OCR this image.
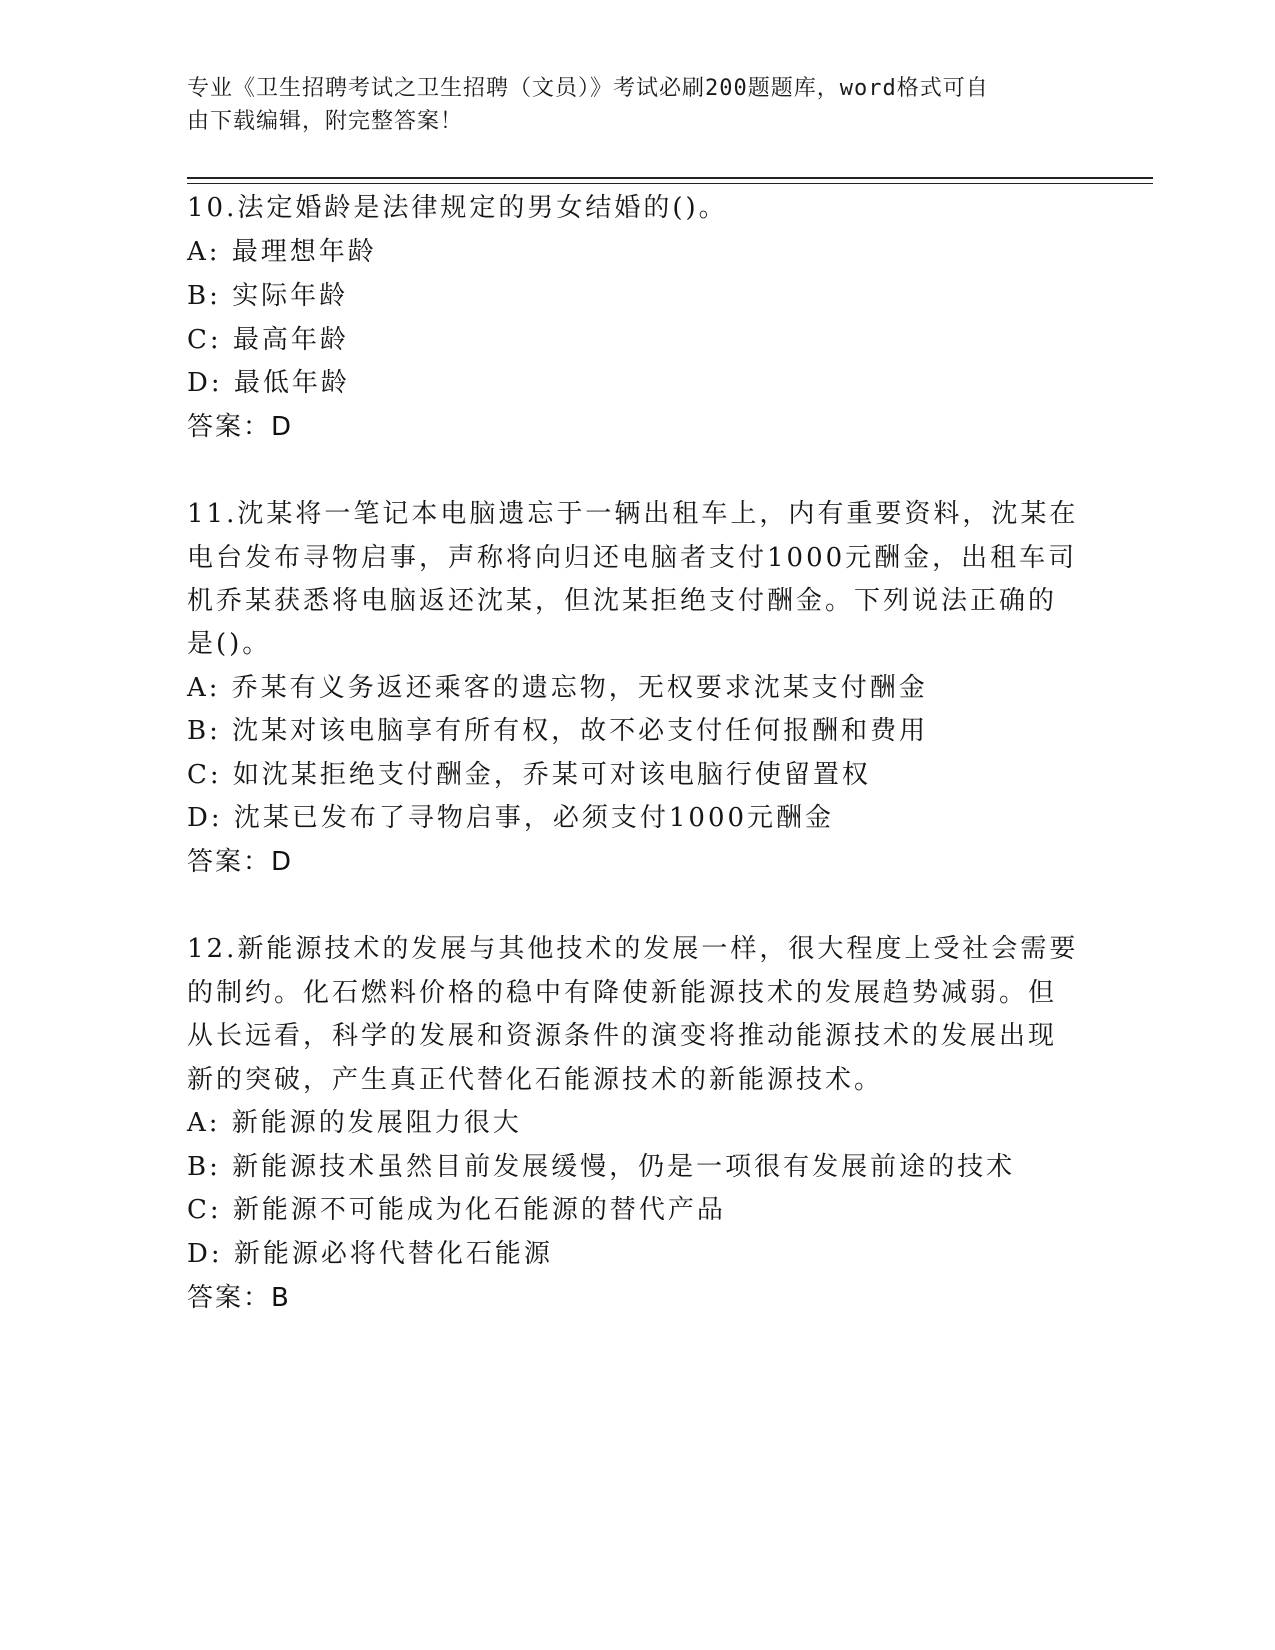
专业《卫生招聘考试之卫生招聘（文员）》考试必刷200题题库，word格式可自
由下载编辑，附完整答案！
10.法定婚龄是法律规定的男女结婚的()。
A: 最理想年龄
B: 实际年龄
C: 最高年龄
D: 最低年龄
答案：D
11.沈某将一笔记本电脑遗忘于一辆出租车上，内有重要资料，沈某在
电台发布寻物启事，声称将向归还电脑者支付1000元酬金，出租车司
机乔某获悉将电脑返还沈某，但沈某拒绝支付酬金。下列说法正确的
是()。
A: 乔某有义务返还乘客的遗忘物，无权要求沈某支付酬金
B: 沈某对该电脑享有所有权，故不必支付任何报酬和费用
C: 如沈某拒绝支付酬金，乔某可对该电脑行使留置权
D: 沈某已发布了寻物启事，必须支付1000元酬金
答案：D
12.新能源技术的发展与其他技术的发展一样，很大程度上受社会需要
的制约。化石燃料价格的稳中有降使新能源技术的发展趋势减弱。但
从长远看，科学的发展和资源条件的演变将推动能源技术的发展出现
新的突破，产生真正代替化石能源技术的新能源技术。
A: 新能源的发展阻力很大
B: 新能源技术虽然目前发展缓慢，仍是一项很有发展前途的技术
C: 新能源不可能成为化石能源的替代产品
D: 新能源必将代替化石能源
答案：B
